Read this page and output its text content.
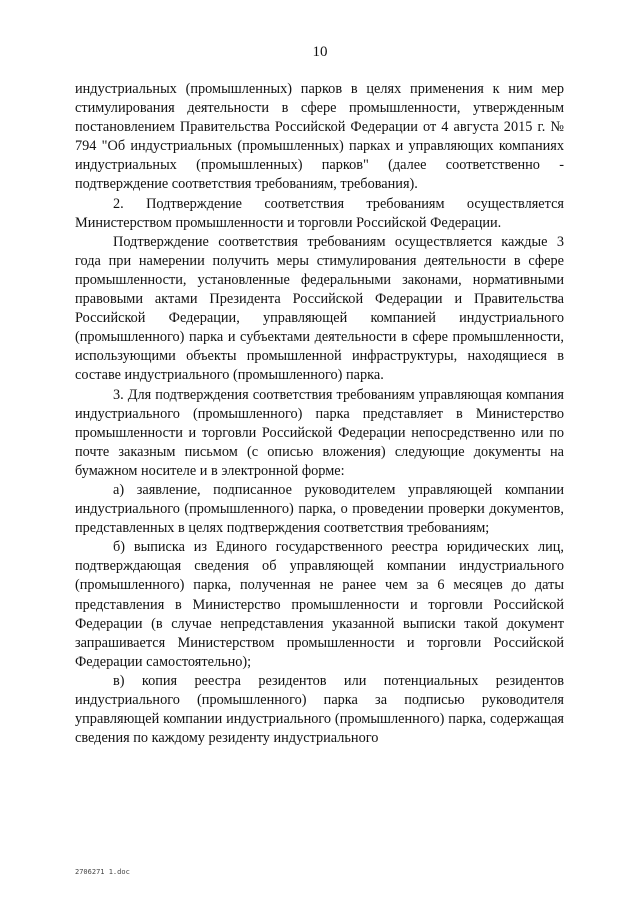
10

индустриальных (промышленных) парков в целях применения к ним мер стимулирования деятельности в сфере промышленности, утвержденным постановлением Правительства Российской Федерации от 4 августа 2015 г. № 794 "Об индустриальных (промышленных) парках и управляющих компаниях индустриальных (промышленных) парков" (далее соответственно - подтверждение соответствия требованиям, требования).

2. Подтверждение соответствия требованиям осуществляется Министерством промышленности и торговли Российской Федерации.

Подтверждение соответствия требованиям осуществляется каждые 3 года при намерении получить меры стимулирования деятельности в сфере промышленности, установленные федеральными законами, нормативными правовыми актами Президента Российской Федерации и Правительства Российской Федерации, управляющей компанией индустриального (промышленного) парка и субъектами деятельности в сфере промышленности, использующими объекты промышленной инфраструктуры, находящиеся в составе индустриального (промышленного) парка.

3. Для подтверждения соответствия требованиям управляющая компания индустриального (промышленного) парка представляет в Министерство промышленности и торговли Российской Федерации непосредственно или по почте заказным письмом (с описью вложения) следующие документы на бумажном носителе и в электронной форме:

а) заявление, подписанное руководителем управляющей компании индустриального (промышленного) парка, о проведении проверки документов, представленных в целях подтверждения соответствия требованиям;

б) выписка из Единого государственного реестра юридических лиц, подтверждающая сведения об управляющей компании индустриального (промышленного) парка, полученная не ранее чем за 6 месяцев до даты представления в Министерство промышленности и торговли Российской Федерации (в случае непредставления указанной выписки такой документ запрашивается Министерством промышленности и торговли Российской Федерации самостоятельно);

в) копия реестра резидентов или потенциальных резидентов индустриального (промышленного) парка за подписью руководителя управляющей компании индустриального (промышленного) парка, содержащая сведения по каждому резиденту индустриального

2706271 1.doc
